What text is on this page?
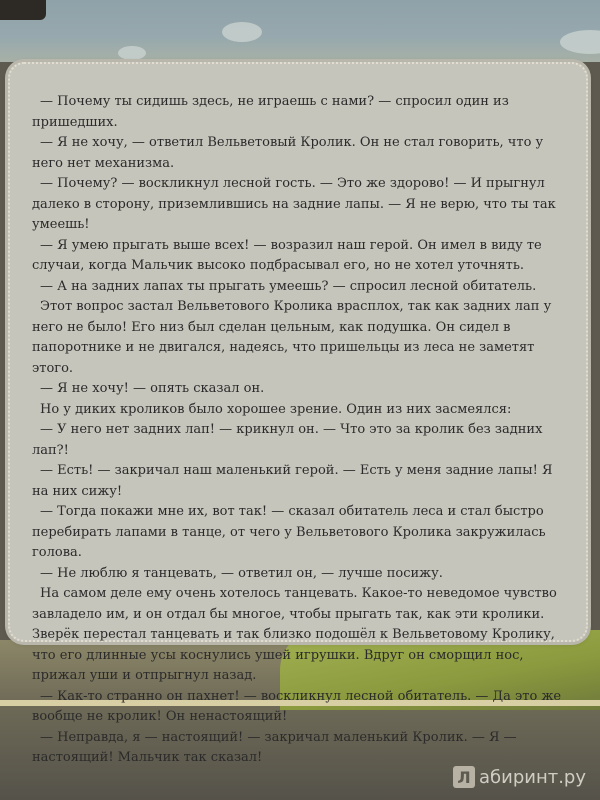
— Почему ты сидишь здесь, не играешь с нами? — спросил один из пришедших.

— Я не хочу, — ответил Вельветовый Кролик. Он не стал говорить, что у него нет механизма.

— Почему? — воскликнул лесной гость. — Это же здорово! — И прыгнул далеко в сторону, приземлившись на задние лапы. — Я не верю, что ты так умеешь!

— Я умею прыгать выше всех! — возразил наш герой. Он имел в виду те случаи, когда Мальчик высоко подбрасывал его, но не хотел уточнять.

— А на задних лапах ты прыгать умеешь? — спросил лесной обитатель.

Этот вопрос застал Вельветового Кролика врасплох, так как задних лап у него не было! Его низ был сделан цельным, как подушка. Он сидел в папоротнике и не двигался, надеясь, что пришельцы из леса не заметят этого.

— Я не хочу! — опять сказал он.

Но у диких кроликов было хорошее зрение. Один из них засмеялся:

— У него нет задних лап! — крикнул он. — Что это за кролик без задних лап?!

— Есть! — закричал наш маленький герой. — Есть у меня задние лапы! Я на них сижу!

— Тогда покажи мне их, вот так! — сказал обитатель леса и стал быстро перебирать лапами в танце, от чего у Вельветового Кролика закружилась голова.

— Не люблю я танцевать, — ответил он, — лучше посижу.

На самом деле ему очень хотелось танцевать. Какое-то неведомое чувство завладело им, и он отдал бы многое, чтобы прыгать так, как эти кролики. Зверёк перестал танцевать и так близко подошёл к Вельветовому Кролику, что его длинные усы коснулись ушей игрушки. Вдруг он сморщил нос, прижал уши и отпрыгнул назад.

— Как-то странно он пахнет! — воскликнул лесной обитатель. — Да это же вообще не кролик! Он ненастоящий!

— Неправда, я — настоящий! — закричал маленький Кролик. — Я — настоящий! Мальчик так сказал!

Л абиринт.ру
